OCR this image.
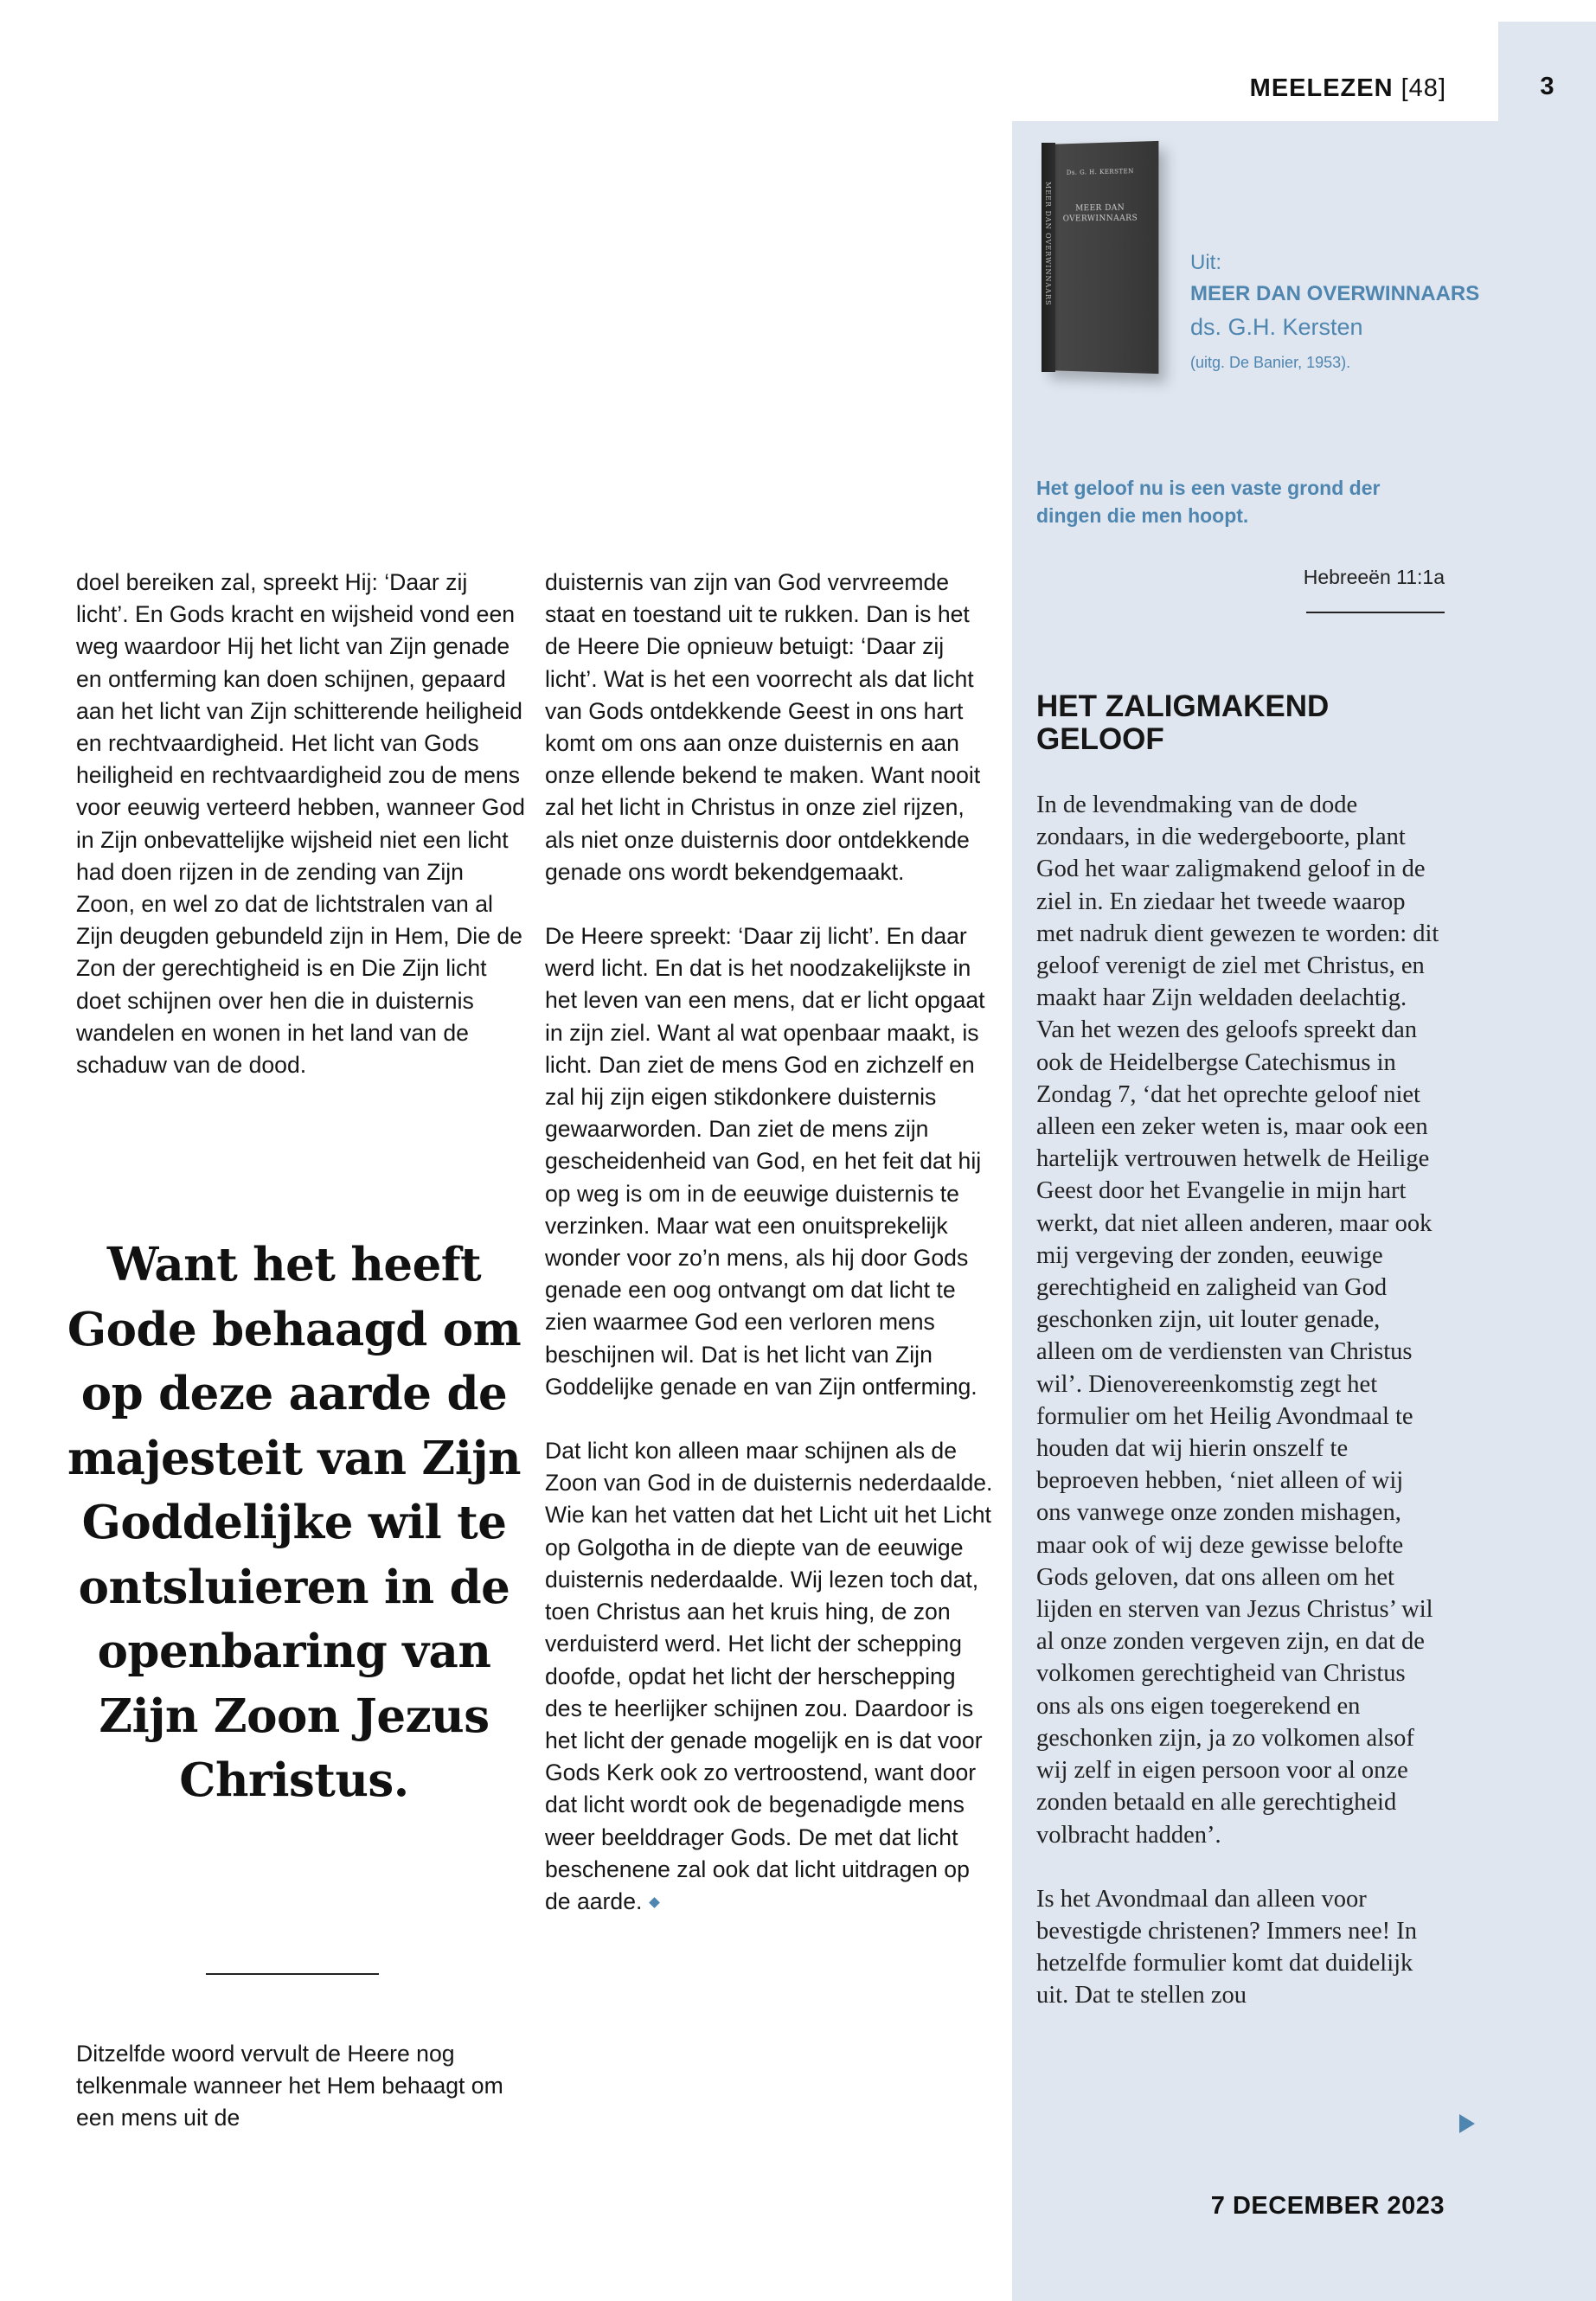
MEELEZEN [48]	3
Ds. G. H. KERSTEN
MEER DAN OVERWINNAARS
MEER DAN OVERWINNAARS	Uit:
MEER DAN OVERWINNAARS
ds. G.H. Kersten
(uitg. De Banier, 1953).
Het geloof nu is een vaste grond der dingen die men hoopt.
Hebreeën 11:1a
HET ZALIGMAKEND GELOOF

In de levendmaking van de dode zondaars, in die wedergeboorte, plant God het waar zaligmakend geloof in de ziel in. En ziedaar het tweede waarop met nadruk dient gewezen te worden: dit geloof verenigt de ziel met Christus, en maakt haar Zijn weldaden deelachtig. Van het wezen des geloofs spreekt dan ook de Heidelbergse Catechismus in Zondag 7, ‘dat het oprechte geloof niet alleen een zeker weten is, maar ook een hartelijk vertrouwen hetwelk de Heilige Geest door het Evangelie in mijn hart werkt, dat niet alleen anderen, maar ook mij vergeving der zonden, eeuwige gerechtigheid en zaligheid van God geschonken zijn, uit louter genade, alleen om de verdiensten van Christus wil’. Dienovereenkomstig zegt het formulier om het Heilig Avondmaal te houden dat wij hierin onszelf te beproeven hebben, ‘niet alleen of wij ons vanwege onze zonden mishagen, maar ook of wij deze gewisse belofte Gods geloven, dat ons alleen om het lijden en sterven van Jezus Christus’ wil al onze zonden vergeven zijn, en dat de volkomen gerechtigheid van Christus ons als ons eigen toegerekend en geschonken zijn, ja zo volkomen alsof wij zelf in eigen persoon voor al onze zonden betaald en alle gerechtigheid volbracht hadden’.

Is het Avondmaal dan alleen voor bevestigde christenen? Immers nee! In hetzelfde formulier komt dat duidelijk uit. Dat te stellen zou

doel bereiken zal, spreekt Hij: ‘Daar zij licht’. En Gods kracht en wijsheid vond een weg waardoor Hij het licht van Zijn genade en ontferming kan doen schijnen, gepaard aan het licht van Zijn schitterende heiligheid en rechtvaardigheid. Het licht van Gods heiligheid en rechtvaardigheid zou de mens voor eeuwig verteerd hebben, wanneer God in Zijn onbevattelijke wijsheid niet een licht had doen rijzen in de zending van Zijn Zoon, en wel zo dat de lichtstralen van al Zijn deugden gebundeld zijn in Hem, Die de Zon der gerechtigheid is en Die Zijn licht doet schijnen over hen die in duisternis wandelen en wonen in het land van de schaduw van de dood.

Want het heeft Gode behaagd om op deze aarde de majesteit van Zijn Goddelijke wil te ontsluieren in de openbaring van Zijn Zoon Jezus Christus.

Ditzelfde woord vervult de Heere nog telkenmale wanneer het Hem behaagt om een mens uit de

duisternis van zijn van God vervreemde staat en toestand uit te rukken. Dan is het de Heere Die opnieuw betuigt: ‘Daar zij licht’. Wat is het een voorrecht als dat licht van Gods ontdekkende Geest in ons hart komt om ons aan onze duisternis en aan onze ellende bekend te maken. Want nooit zal het licht in Christus in onze ziel rijzen, als niet onze duisternis door ontdekkende genade ons wordt bekendgemaakt.

De Heere spreekt: ‘Daar zij licht’. En daar werd licht. En dat is het noodzakelijkste in het leven van een mens, dat er licht opgaat in zijn ziel. Want al wat openbaar maakt, is licht. Dan ziet de mens God en zichzelf en zal hij zijn eigen stikdonkere duisternis gewaarworden. Dan ziet de mens zijn gescheidenheid van God, en het feit dat hij op weg is om in de eeuwige duisternis te verzinken. Maar wat een onuitsprekelijk wonder voor zo’n mens, als hij door Gods genade een oog ontvangt om dat licht te zien waarmee God een verloren mens beschijnen wil. Dat is het licht van Zijn Goddelijke genade en van Zijn ontferming.

Dat licht kon alleen maar schijnen als de Zoon van God in de duisternis nederdaalde. Wie kan het vatten dat het Licht uit het Licht op Golgotha in de diepte van de eeuwige duisternis nederdaalde. Wij lezen toch dat, toen Christus aan het kruis hing, de zon verduisterd werd. Het licht der schepping doofde, opdat het licht der herschepping des te heerlijker schijnen zou. Daardoor is het licht der genade mogelijk en is dat voor Gods Kerk ook zo vertroostend, want door dat licht wordt ook de begenadigde mens weer beelddrager Gods. De met dat licht beschenene zal ook dat licht uitdragen op de aarde.

7 DECEMBER 2023
